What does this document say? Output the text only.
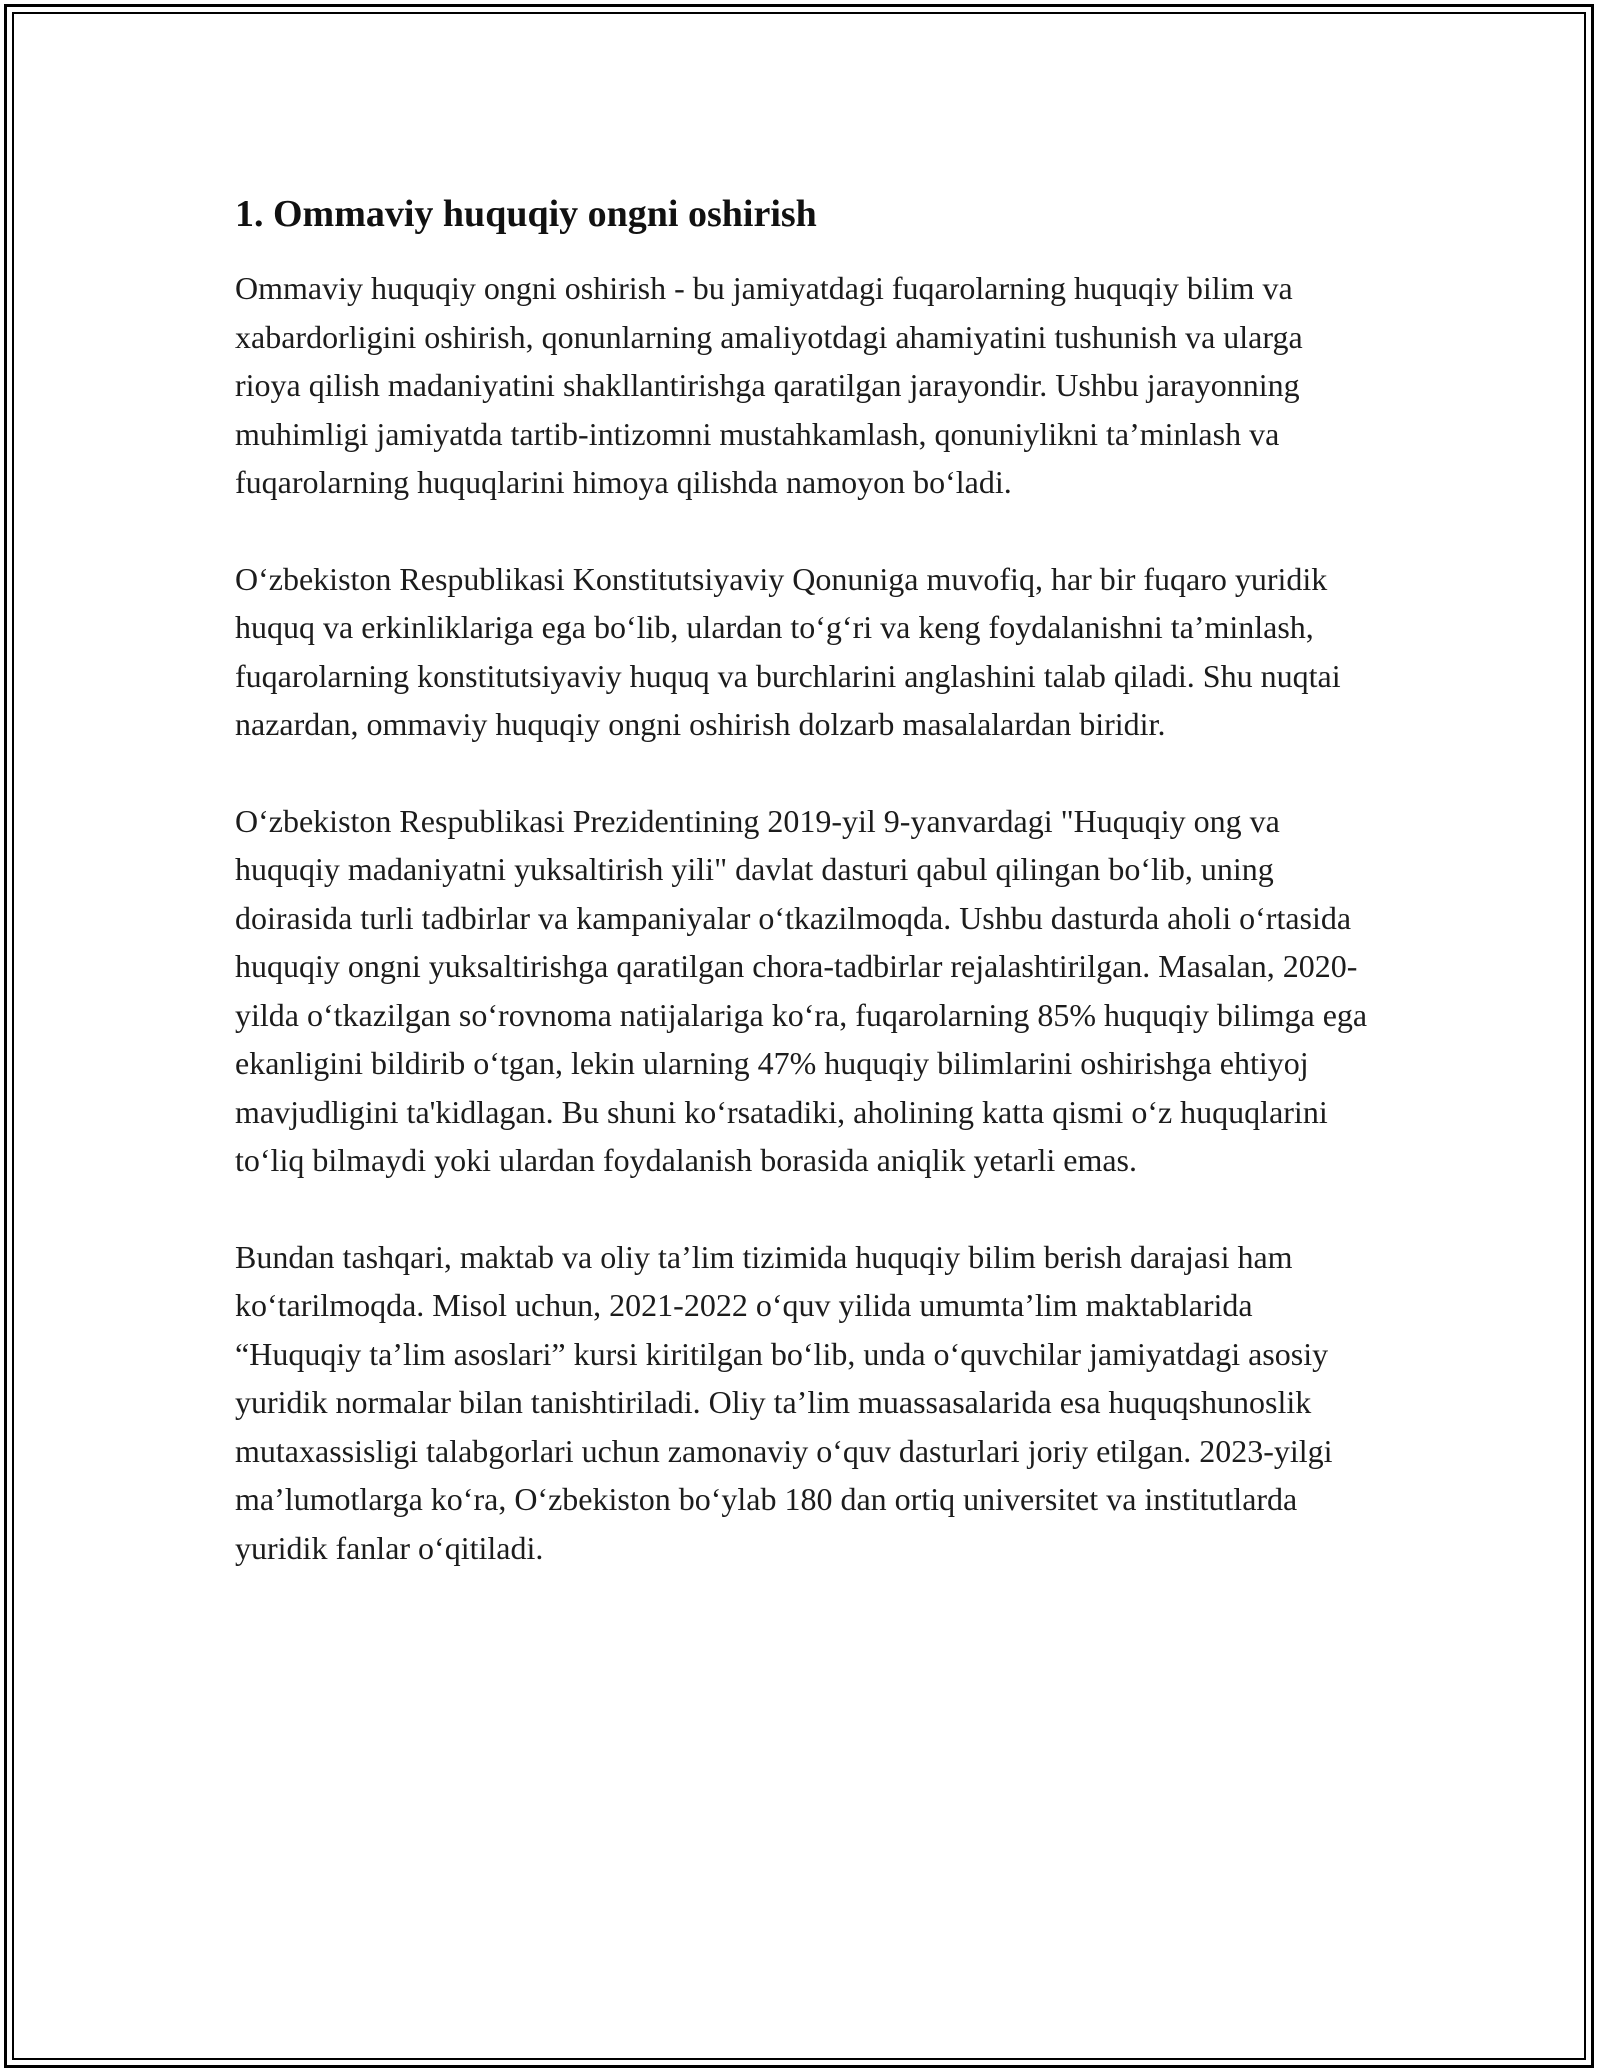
1. Ommaviy huquqiy ongni oshirish

Ommaviy huquqiy ongni oshirish - bu jamiyatdagi fuqarolarning huquqiy bilim va xabardorligini oshirish, qonunlarning amaliyotdagi ahamiyatini tushunish va ularga rioya qilish madaniyatini shakllantirishga qaratilgan jarayondir. Ushbu jarayonning muhimligi jamiyatda tartib-intizomni mustahkamlash, qonuniylikni ta’minlash va fuqarolarning huquqlarini himoya qilishda namoyon bo‘ladi.

O‘zbekiston Respublikasi Konstitutsiyaviy Qonuniga muvofiq, har bir fuqaro yuridik huquq va erkinliklariga ega bo‘lib, ulardan to‘g‘ri va keng foydalanishni ta’minlash, fuqarolarning konstitutsiyaviy huquq va burchlarini anglashini talab qiladi. Shu nuqtai nazardan, ommaviy huquqiy ongni oshirish dolzarb masalalardan biridir.

O‘zbekiston Respublikasi Prezidentining 2019-yil 9-yanvardagi "Huquqiy ong va huquqiy madaniyatni yuksaltirish yili" davlat dasturi qabul qilingan bo‘lib, uning doirasida turli tadbirlar va kampaniyalar o‘tkazilmoqda. Ushbu dasturda aholi o‘rtasida huquqiy ongni yuksaltirishga qaratilgan chora-tadbirlar rejalashtirilgan. Masalan, 2020-yilda o‘tkazilgan so‘rovnoma natijalariga ko‘ra, fuqarolarning 85% huquqiy bilimga ega ekanligini bildirib o‘tgan, lekin ularning 47% huquqiy bilimlarini oshirishga ehtiyoj mavjudligini ta'kidlagan. Bu shuni ko‘rsatadiki, aholining katta qismi o‘z huquqlarini to‘liq bilmaydi yoki ulardan foydalanish borasida aniqlik yetarli emas.

Bundan tashqari, maktab va oliy ta’lim tizimida huquqiy bilim berish darajasi ham ko‘tarilmoqda. Misol uchun, 2021-2022 o‘quv yilida umumta’lim maktablarida “Huquqiy ta’lim asoslari” kursi kiritilgan bo‘lib, unda o‘quvchilar jamiyatdagi asosiy yuridik normalar bilan tanishtiriladi. Oliy ta’lim muassasalarida esa huquqshunoslik mutaxassisligi talabgorlari uchun zamonaviy o‘quv dasturlari joriy etilgan. 2023-yilgi ma’lumotlarga ko‘ra, O‘zbekiston bo‘ylab 180 dan ortiq universitet va institutlarda yuridik fanlar o‘qitiladi.
